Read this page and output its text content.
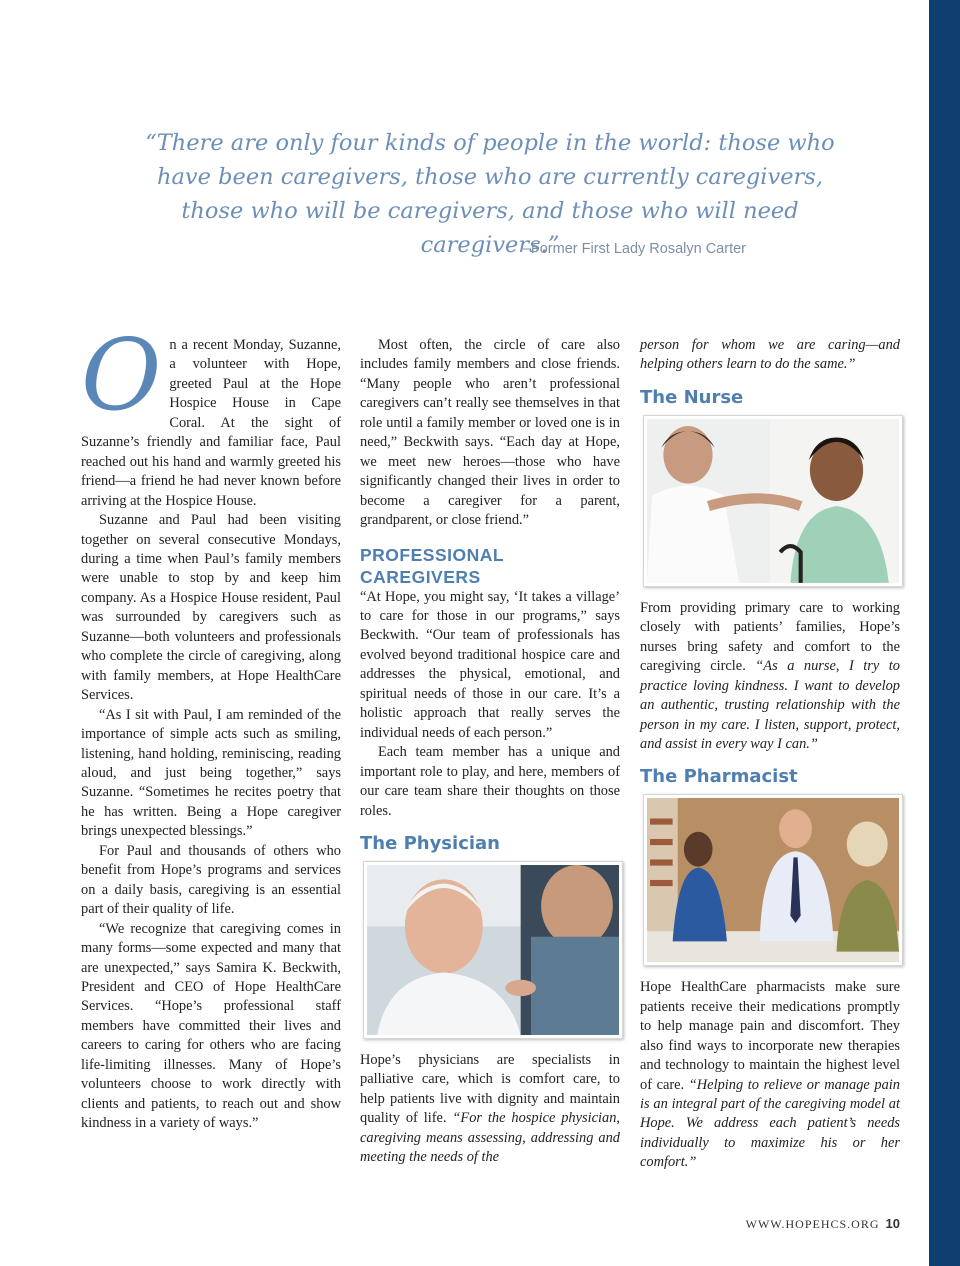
“There are only four kinds of people in the world: those who have been caregivers, those who are currently caregivers, those who will be caregivers, and those who will need caregivers.”

–Former First Lady Rosalyn Carter

On a recent Monday, Suzanne, a volunteer with Hope, greeted Paul at the Hope Hospice House in Cape Coral. At the sight of Suzanne’s friendly and familiar face, Paul reached out his hand and warmly greeted his friend—a friend he had never known before arriving at the Hospice House.

Suzanne and Paul had been visiting together on several consecutive Mondays, during a time when Paul’s family members were unable to stop by and keep him company. As a Hospice House resident, Paul was surrounded by caregivers such as Suzanne—both volunteers and professionals who complete the circle of caregiving, along with family members, at Hope HealthCare Services.

“As I sit with Paul, I am reminded of the importance of simple acts such as smiling, listening, hand holding, reminiscing, reading aloud, and just being together,” says Suzanne. “Sometimes he recites poetry that he has written. Being a Hope caregiver brings unexpected blessings.”

For Paul and thousands of others who benefit from Hope’s programs and services on a daily basis, caregiving is an essential part of their quality of life.

“We recognize that caregiving comes in many forms—some expected and many that are unexpected,” says Samira K. Beckwith, President and CEO of Hope HealthCare Services. “Hope’s professional staff members have committed their lives and careers to caring for others who are facing life-limiting illnesses. Many of Hope’s volunteers choose to work directly with clients and patients, to reach out and show kindness in a variety of ways.”

Most often, the circle of care also includes family members and close friends. “Many people who aren’t professional caregivers can’t really see themselves in that role until a family member or loved one is in need,” Beckwith says. “Each day at Hope, we meet new heroes—those who have significantly changed their lives in order to become a caregiver for a parent, grandparent, or close friend.”

PROFESSIONAL CAREGIVERS

“At Hope, you might say, ‘It takes a village’ to care for those in our programs,” says Beckwith. “Our team of professionals has evolved beyond traditional hospice care and addresses the physical, emotional, and spiritual needs of those in our care. It’s a holistic approach that really serves the individual needs of each person.”

Each team member has a unique and important role to play, and here, members of our care team share their thoughts on those roles.

The Physician

Hope’s physicians are specialists in palliative care, which is comfort care, to help patients live with dignity and maintain quality of life. “For the hospice physician, caregiving means assessing, addressing and meeting the needs of the

person for whom we are caring—and helping others learn to do the same.”

The Nurse

From providing primary care to working closely with patients’ families, Hope’s nurses bring safety and comfort to the caregiving circle. “As a nurse, I try to practice loving kindness. I want to develop an authentic, trusting relationship with the person in my care. I listen, support, protect, and assist in every way I can.”

The Pharmacist

Hope HealthCare pharmacists make sure patients receive their medications promptly to help manage pain and discomfort. They also find ways to incorporate new therapies and technology to maintain the highest level of care. “Helping to relieve or manage pain is an integral part of the caregiving model at Hope. We address each patient’s needs individually to maximize his or her comfort.”

WWW.HOPEHCS.ORG 10
